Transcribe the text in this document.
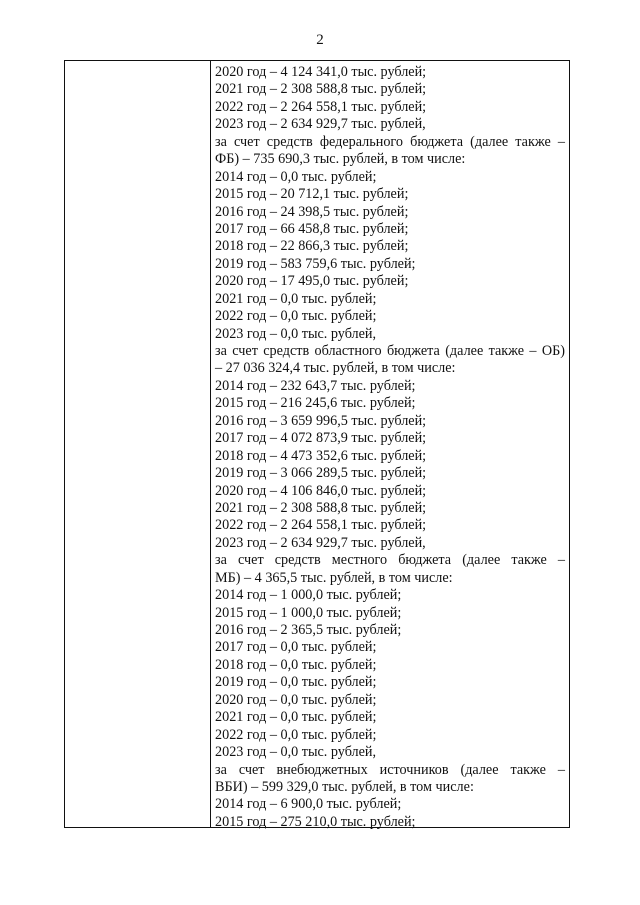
2
2020 год – 4 124 341,0 тыс. рублей;
2021 год – 2 308 588,8 тыс. рублей;
2022 год – 2 264 558,1 тыс. рублей;
2023 год – 2 634 929,7 тыс. рублей,
за счет средств федерального бюджета (далее также –
ФБ) – 735 690,3 тыс. рублей, в том числе:
2014 год – 0,0 тыс. рублей;
2015 год – 20 712,1 тыс. рублей;
2016 год – 24 398,5 тыс. рублей;
2017 год – 66 458,8 тыс. рублей;
2018 год – 22 866,3 тыс. рублей;
2019 год – 583 759,6 тыс. рублей;
2020 год – 17 495,0 тыс. рублей;
2021 год – 0,0 тыс. рублей;
2022 год – 0,0 тыс. рублей;
2023 год – 0,0 тыс. рублей,
за счет средств областного бюджета (далее также – ОБ)
– 27 036 324,4 тыс. рублей, в том числе:
2014 год – 232 643,7 тыс. рублей;
2015 год – 216 245,6 тыс. рублей;
2016 год – 3 659 996,5 тыс. рублей;
2017 год – 4 072 873,9 тыс. рублей;
2018 год – 4 473 352,6 тыс. рублей;
2019 год – 3 066 289,5 тыс. рублей;
2020 год – 4 106 846,0 тыс. рублей;
2021 год – 2 308 588,8 тыс. рублей;
2022 год – 2 264 558,1 тыс. рублей;
2023 год – 2 634 929,7 тыс. рублей,
за счет средств местного бюджета (далее также –
МБ) – 4 365,5 тыс. рублей, в том числе:
2014 год – 1 000,0 тыс. рублей;
2015 год – 1 000,0 тыс. рублей;
2016 год – 2 365,5 тыс. рублей;
2017 год – 0,0 тыс. рублей;
2018 год – 0,0 тыс. рублей;
2019 год – 0,0 тыс. рублей;
2020 год – 0,0 тыс. рублей;
2021 год – 0,0 тыс. рублей;
2022 год – 0,0 тыс. рублей;
2023 год – 0,0 тыс. рублей,
за счет внебюджетных источников (далее также –
ВБИ) – 599 329,0 тыс. рублей, в том числе:
2014 год – 6 900,0 тыс. рублей;
2015 год – 275 210,0 тыс. рублей;
